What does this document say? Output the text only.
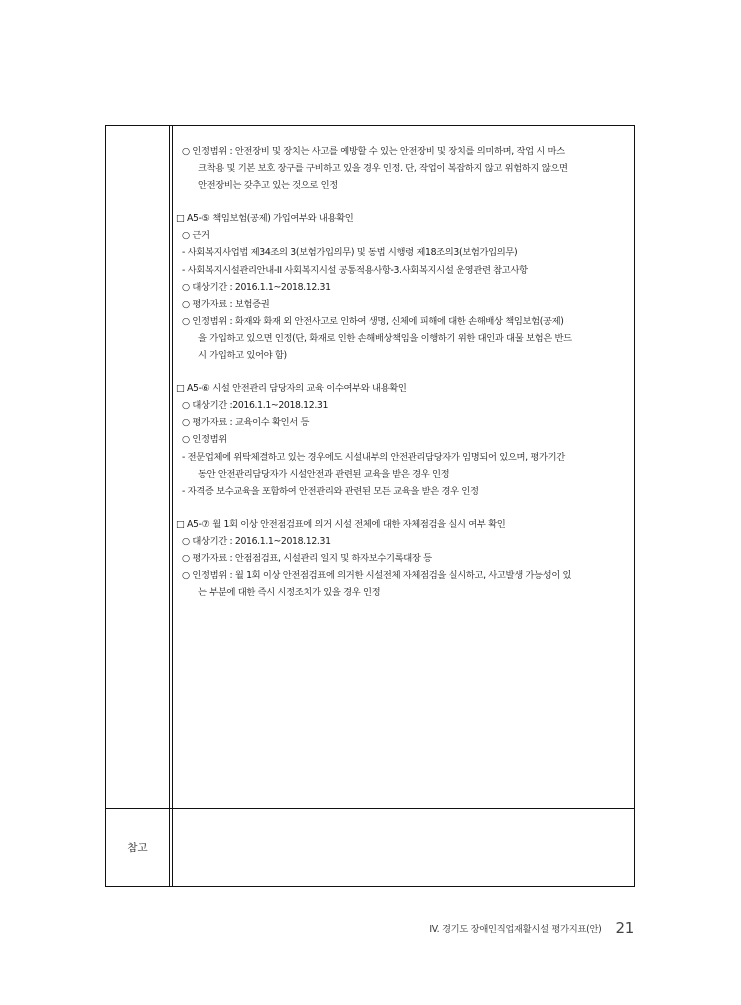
참고
○ 인정범위 : 안전장비 및 장치는 사고를 예방할 수 있는 안전장비 및 장치를 의미하며, 작업 시 마스
크착용 및 기본 보호 장구를 구비하고 있을 경우 인정. 단, 작업이 복잡하지 않고 위험하지 않으면
안전장비는 갖추고 있는 것으로 인정
□ A5-⑤ 책임보험(공제) 가입여부와 내용확인
○ 근거
- 사회복지사업법 제34조의 3(보험가입의무) 및 동법 시행령 제18조의3(보험가입의무)
- 사회복지시설관리안내-II 사회복지시설 공통적용사항-3.사회복지시설 운영관련 참고사항
○ 대상기간 : 2016.1.1~2018.12.31
○ 평가자료 : 보험증권
○ 인정범위 : 화재와 화재 외 안전사고로 인하여 생명, 신체에 피해에 대한 손해배상 책임보험(공제)
을 가입하고 있으면 인정(단, 화재로 인한 손해배상책임을 이행하기 위한 대인과 대물 보험은 반드
시 가입하고 있어야 함)
□ A5-⑥ 시설 안전관리 담당자의 교육 이수여부와 내용확인
○ 대상기간 :2016.1.1~2018.12.31
○ 평가자료 : 교육이수 확인서 등
○ 인정범위
- 전문업체에 위탁체결하고 있는 경우에도 시설내부의 안전관리담당자가 임명되어 있으며, 평가기간
동안 안전관리담당자가 시설안전과 관련된 교육을 받은 경우 인정
- 자격증 보수교육을 포함하여 안전관리와 관련된 모든 교육을 받은 경우 인정
□ A5-⑦ 월 1회 이상 안전점검표에 의거 시설 전체에 대한 자체점검을 실시 여부 확인
○ 대상기간 : 2016.1.1~2018.12.31
○ 평가자료 : 안점점검표, 시설관리 일지 및 하자보수기록대장 등
○ 인정범위 : 월 1회 이상 안전점검표에 의거한 시설전체 자체점검을 실시하고, 사고발생 가능성이 있
는 부분에 대한 즉시 시정조치가 있을 경우 인정
IV. 경기도 장애인직업재활시설 평가지표(안) 21
